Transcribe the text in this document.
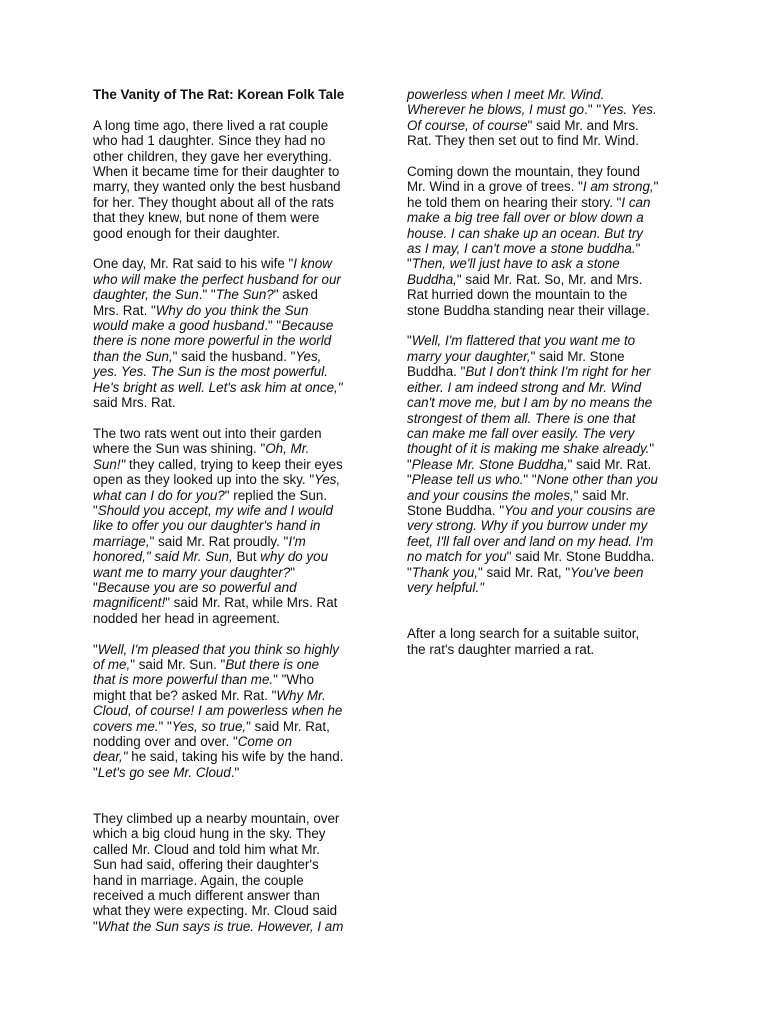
The Vanity of The Rat: Korean Folk Tale
A long time ago, there lived a rat couple
who had 1 daughter. Since they had no
other children, they gave her everything.
When it became time for their daughter to
marry, they wanted only the best husband
for her. They thought about all of the rats
that they knew, but none of them were
good enough for their daughter.
One day, Mr. Rat said to his wife "I know
who will make the perfect husband for our
daughter, the Sun." "The Sun?" asked
Mrs. Rat. "Why do you think the Sun
would make a good husband." "Because
there is none more powerful in the world
than the Sun," said the husband. "Yes,
yes. Yes. The Sun is the most powerful.
He's bright as well. Let's ask him at once,"
said Mrs. Rat.
The two rats went out into their garden
where the Sun was shining. "Oh, Mr.
Sun!" they called, trying to keep their eyes
open as they looked up into the sky. "Yes,
what can I do for you?" replied the Sun.
"Should you accept, my wife and I would
like to offer you our daughter's hand in
marriage," said Mr. Rat proudly. "I'm
honored," said Mr. Sun, But why do you
want me to marry your daughter?"
"Because you are so powerful and
magnificent!" said Mr. Rat, while Mrs. Rat
nodded her head in agreement.
"Well, I'm pleased that you think so highly
of me," said Mr. Sun. "But there is one
that is more powerful than me." "Who
might that be? asked Mr. Rat. "Why Mr.
Cloud, of course! I am powerless when he
covers me." "Yes, so true," said Mr. Rat,
nodding over and over. "Come on
dear," he said, taking his wife by the hand.
"Let's go see Mr. Cloud."
They climbed up a nearby mountain, over
which a big cloud hung in the sky. They
called Mr. Cloud and told him what Mr.
Sun had said, offering their daughter's
hand in marriage. Again, the couple
received a much different answer than
what they were expecting. Mr. Cloud said
"What the Sun says is true. However, I am
powerless when I meet Mr. Wind.
Wherever he blows, I must go." "Yes. Yes.
Of course, of course" said Mr. and Mrs.
Rat. They then set out to find Mr. Wind.
Coming down the mountain, they found
Mr. Wind in a grove of trees. "I am strong,"
he told them on hearing their story. "I can
make a big tree fall over or blow down a
house. I can shake up an ocean. But try
as I may, I can't move a stone buddha."
"Then, we'll just have to ask a stone
Buddha," said Mr. Rat. So, Mr. and Mrs.
Rat hurried down the mountain to the
stone Buddha standing near their village.
"Well, I'm flattered that you want me to
marry your daughter," said Mr. Stone
Buddha. "But I don't think I'm right for her
either. I am indeed strong and Mr. Wind
can't move me, but I am by no means the
strongest of them all. There is one that
can make me fall over easily. The very
thought of it is making me shake already."
"Please Mr. Stone Buddha," said Mr. Rat.
"Please tell us who." "None other than you
and your cousins the moles," said Mr.
Stone Buddha. "You and your cousins are
very strong. Why if you burrow under my
feet, I'll fall over and land on my head. I'm
no match for you" said Mr. Stone Buddha.
"Thank you," said Mr. Rat, "You've been
very helpful."
After a long search for a suitable suitor,
the rat's daughter married a rat.
